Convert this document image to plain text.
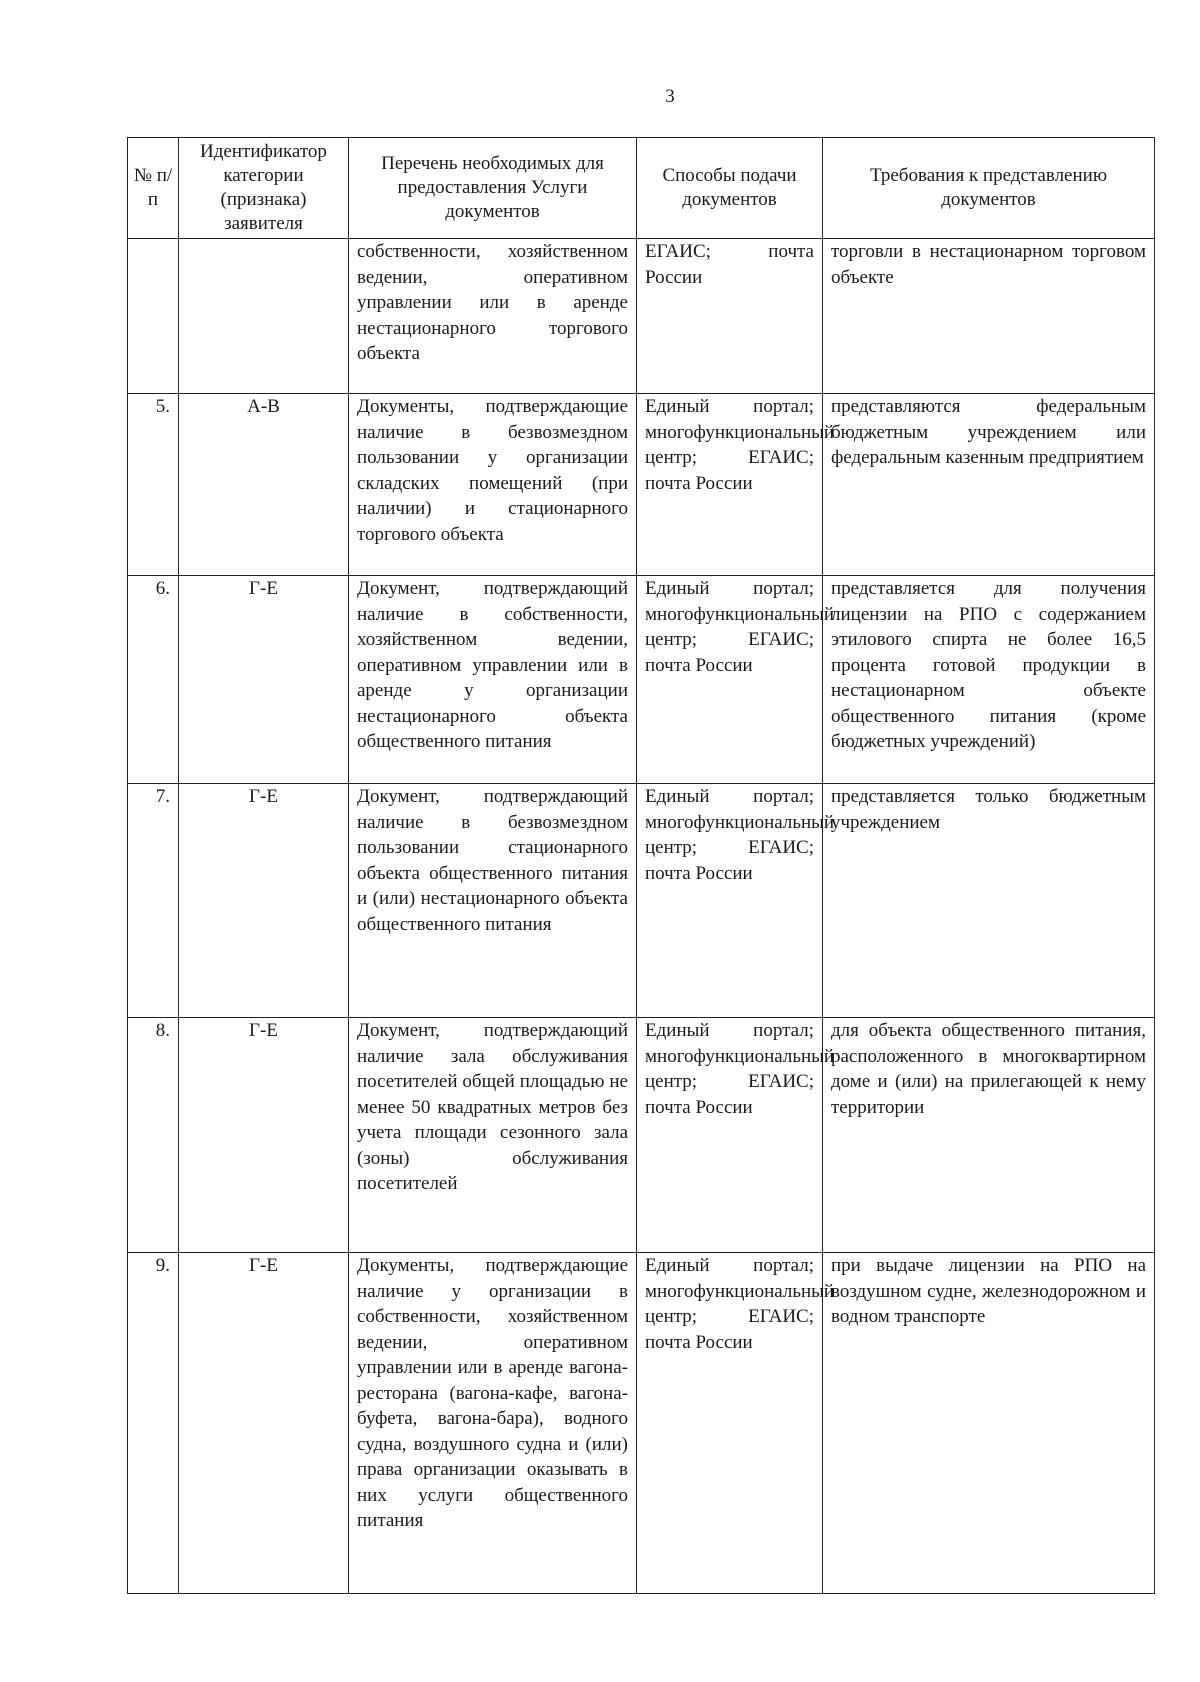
3
№ п/п	Идентификатор категории (признака) заявителя	Перечень необходимых для предоставления Услуги документов	Способы подачи документов	Требования к представлению документов
		собственности, хозяйственном ведении, оперативном управлении или в аренде нестационарного торгового объекта	ЕГАИС; почта России	торговли в нестационарном торговом объекте
5.	А-В	Документы, подтверждающие наличие в безвозмездном пользовании у организации складских помещений (при наличии) и стационарного торгового объекта	Единый портал; многофункциональный центр; ЕГАИС; почта России	представляются федеральным бюджетным учреждением или федеральным казенным предприятием
6.	Г-Е	Документ, подтверждающий наличие в собственности, хозяйственном ведении, оперативном управлении или в аренде у организации нестационарного объекта общественного питания	Единый портал; многофункциональный центр; ЕГАИС; почта России	представляется для получения лицензии на РПО с содержанием этилового спирта не более 16,5 процента готовой продукции в нестационарном объекте общественного питания (кроме бюджетных учреждений)
7.	Г-Е	Документ, подтверждающий наличие в безвозмездном пользовании стационарного объекта общественного питания и (или) нестационарного объекта общественного питания	Единый портал; многофункциональный центр; ЕГАИС; почта России	представляется только бюджетным учреждением
8.	Г-Е	Документ, подтверждающий наличие зала обслуживания посетителей общей площадью не менее 50 квадратных метров без учета площади сезонного зала (зоны) обслуживания посетителей	Единый портал; многофункциональный центр; ЕГАИС; почта России	для объекта общественного питания, расположенного в многоквартирном доме и (или) на прилегающей к нему территории
9.	Г-Е	Документы, подтверждающие наличие у организации в собственности, хозяйственном ведении, оперативном управлении или в аренде вагона-ресторана (вагона-кафе, вагона-буфета, вагона-бара), водного судна, воздушного судна и (или) права организации оказывать в них услуги общественного питания	Единый портал; многофункциональный центр; ЕГАИС; почта России	при выдаче лицензии на РПО на воздушном судне, железнодорожном и водном транспорте
